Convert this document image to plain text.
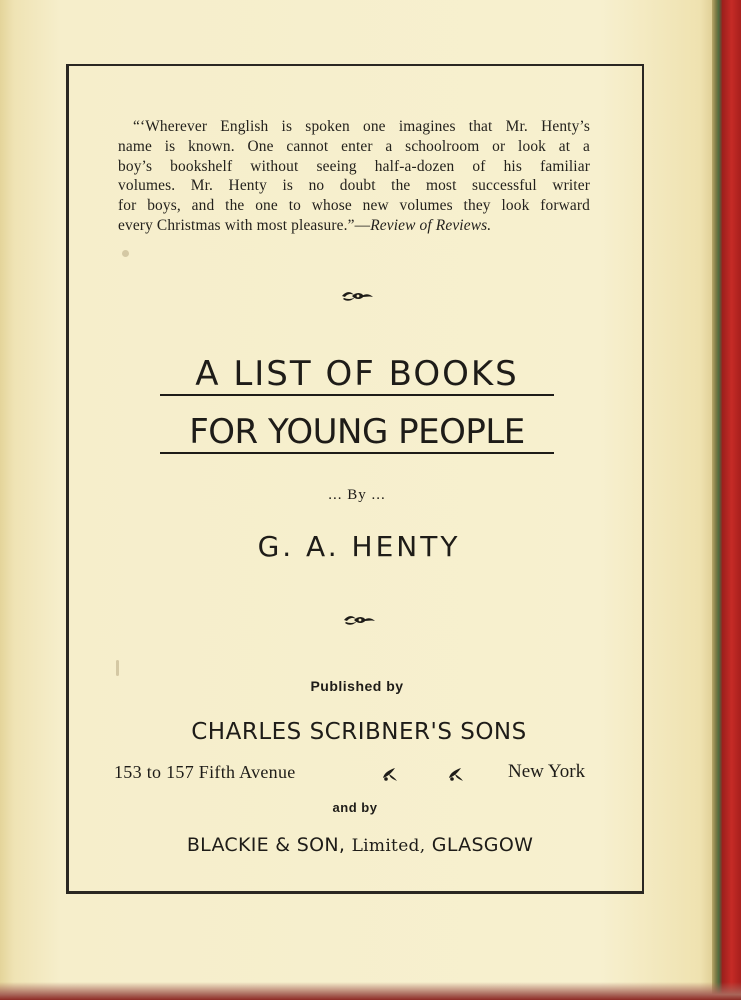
“‘Wherever English is spoken one imagines that Mr. Henty’s
name is known. One cannot enter a schoolroom or look at a
boy’s bookshelf without seeing half-a-dozen of his familiar
volumes. Mr. Henty is no doubt the most successful writer
for boys, and the one to whose new volumes they look forward
every Christmas with most pleasure.”—Review of Reviews.
A LIST OF BOOKS
FOR YOUNG PEOPLE
... By ...
G. A. HENTY
Published by
CHARLES SCRIBNER'S SONS
153 to 157 Fifth Avenue	New York
and by
BLACKIE & SON, Limited, GLASGOW
